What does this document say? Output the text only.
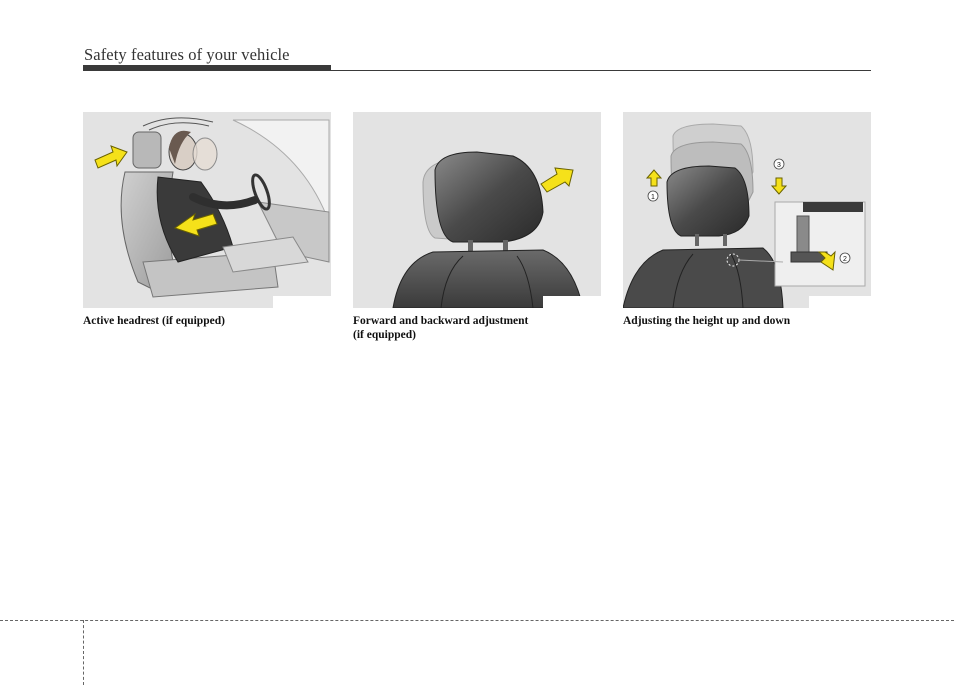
Safety features of your vehicle
Active headrest (if equipped)	Forward and backward adjustment
(if equipped)
1
3
2
Adjusting the height up and down
